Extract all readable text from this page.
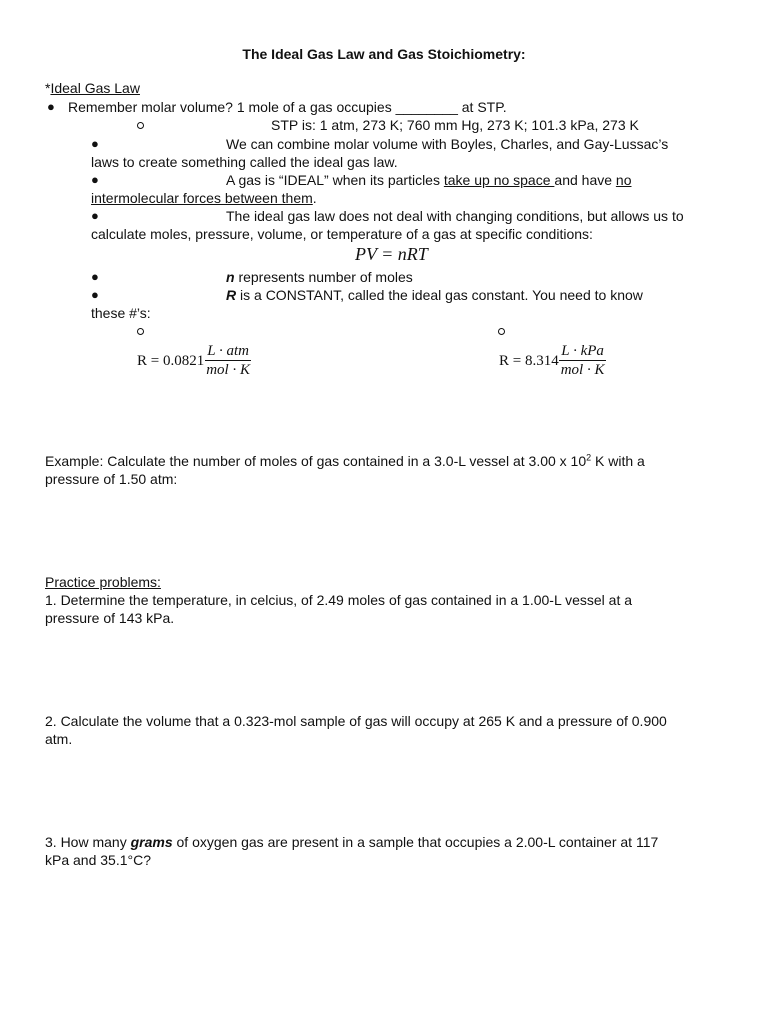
The Ideal Gas Law and Gas Stoichiometry:
*Ideal Gas Law
● Remember molar volume? 1 mole of a gas occupies ________ at STP.
STP is: 1 atm, 273 K; 760 mm Hg, 273 K; 101.3 kPa, 273 K
●	We can combine molar volume with Boyles, Charles, and Gay-Lussac’s
laws to create something called the ideal gas law.
●	A gas is “IDEAL” when its particles take up no space and have no
intermolecular forces between them.
●	The ideal gas law does not deal with changing conditions, but allows us to
calculate moles, pressure, volume, or temperature of a gas at specific conditions:
PV = nRT
●	n represents number of moles
●	R is a CONSTANT, called the ideal gas constant. You need to know
these #’s:
$R = 0.0821 \frac{\text{L · atm}}{\text{mol · K}}$	$R = 8.314 \frac{\text{L · kPa}}{\text{mol · K}}$
Example: Calculate the number of moles of gas contained in a 3.0-L vessel at 3.00 x $10^2$ K with a
pressure of 1.50 atm:
Practice problems:
1. Determine the temperature, in celcius, of 2.49 moles of gas contained in a 1.00-L vessel at a
pressure of 143 kPa.
2. Calculate the volume that a 0.323-mol sample of gas will occupy at 265 K and a pressure of 0.900
atm.
3. How many grams of oxygen gas are present in a sample that occupies a 2.00-L container at 117
kPa and 35.1°C?
